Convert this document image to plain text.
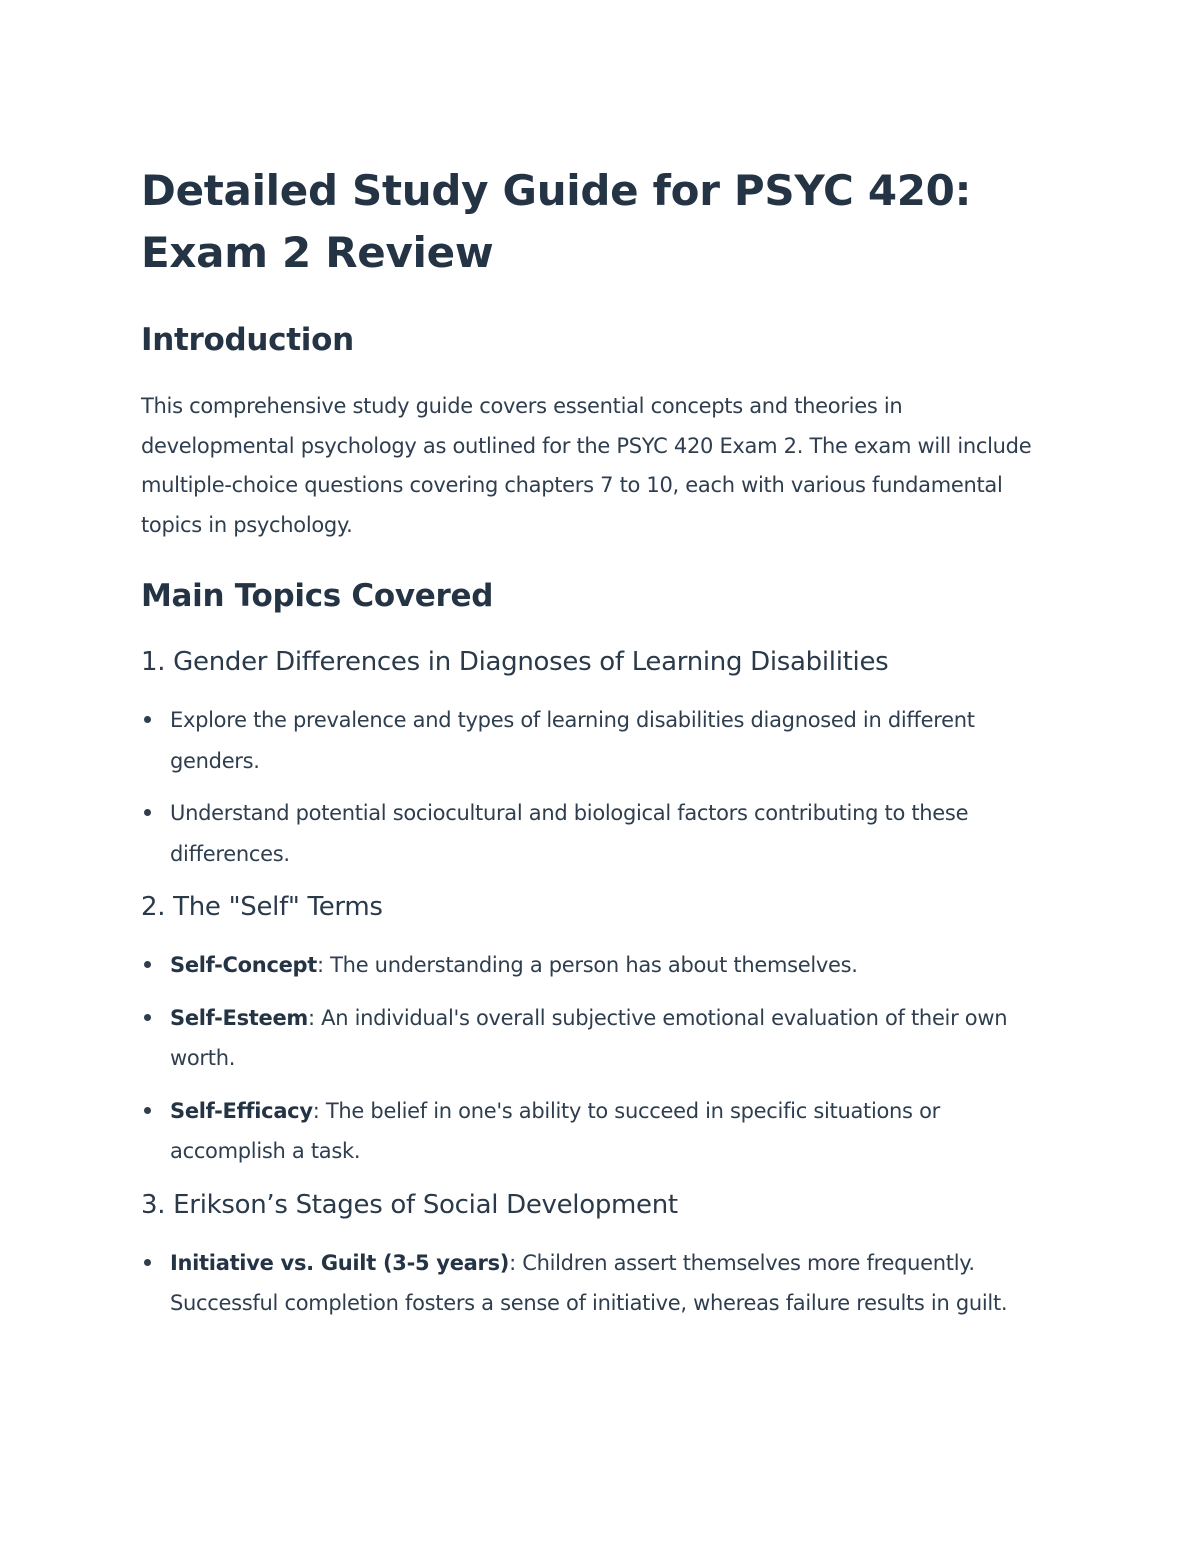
Detailed Study Guide for PSYC 420:
Exam 2 Review
Introduction

This comprehensive study guide covers essential concepts and theories in developmental psychology as outlined for the PSYC 420 Exam 2. The exam will include multiple-choice questions covering chapters 7 to 10, each with various fundamental topics in psychology.

Main Topics Covered
1. Gender Differences in Diagnoses of Learning Disabilities
Explore the prevalence and types of learning disabilities diagnosed in different genders.
Understand potential sociocultural and biological factors contributing to these differences.
2. The "Self" Terms
Self-Concept: The understanding a person has about themselves.
Self-Esteem: An individual's overall subjective emotional evaluation of their own worth.
Self-Efficacy: The belief in one's ability to succeed in specific situations or accomplish a task.
3. Erikson’s Stages of Social Development
Initiative vs. Guilt (3-5 years): Children assert themselves more frequently. Successful completion fosters a sense of initiative, whereas failure results in guilt.
